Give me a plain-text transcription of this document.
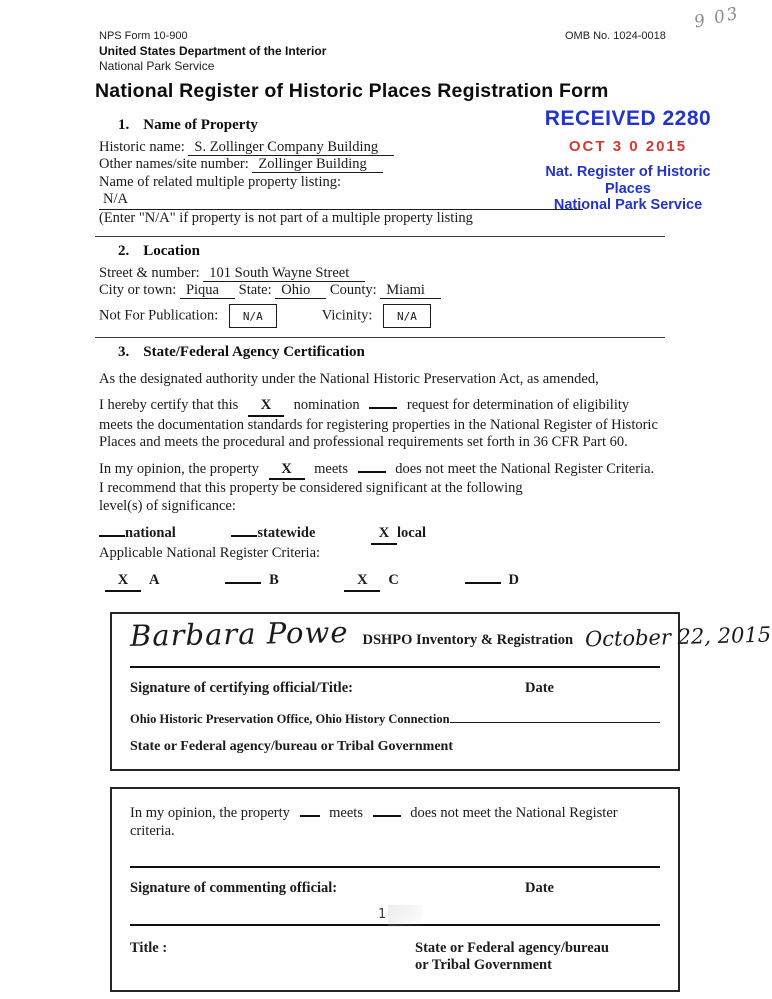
9 03
NPS Form 10-900	OMB No. 1024-0018
United States Department of the Interior
National Park Service
National Register of Historic Places Registration Form
RECEIVED 2280
OCT 3 0 2015
Nat. Register of Historic Places
National Park Service
1. Name of Property
Historic name: S. Zollinger Company Building
Other names/site number: Zollinger Building
Name of related multiple property listing:
N/A
(Enter "N/A" if property is not part of a multiple property listing
2. Location
Street & number: 101 South Wayne Street
City or town: Piqua State: Ohio County: Miami
Not For Publication: N/A	Vicinity: N/A
3. State/Federal Agency Certification
As the designated authority under the National Historic Preservation Act, as amended,
I hereby certify that this X nomination	request for determination of eligibility meets the documentation standards for registering properties in the National Register of Historic Places and meets the procedural and professional requirements set forth in 36 CFR Part 60.
In my opinion, the property X meets	does not meet the National Register Criteria.
I recommend that this property be considered significant at the following
level(s) of significance:
national	statewide	X local
Applicable National Register Criteria:
X A	B	X C	D
Barbara Powe DSHPO Inventory & Registration October 22, 2015
Signature of certifying official/Title:	Date
Ohio Historic Preservation Office, Ohio History Connection
State or Federal agency/bureau or Tribal Government
In my opinion, the property	meets	does not meet the National Register criteria.
Signature of commenting official:	Date
Title :	State or Federal agency/bureau
or Tribal Government
1
